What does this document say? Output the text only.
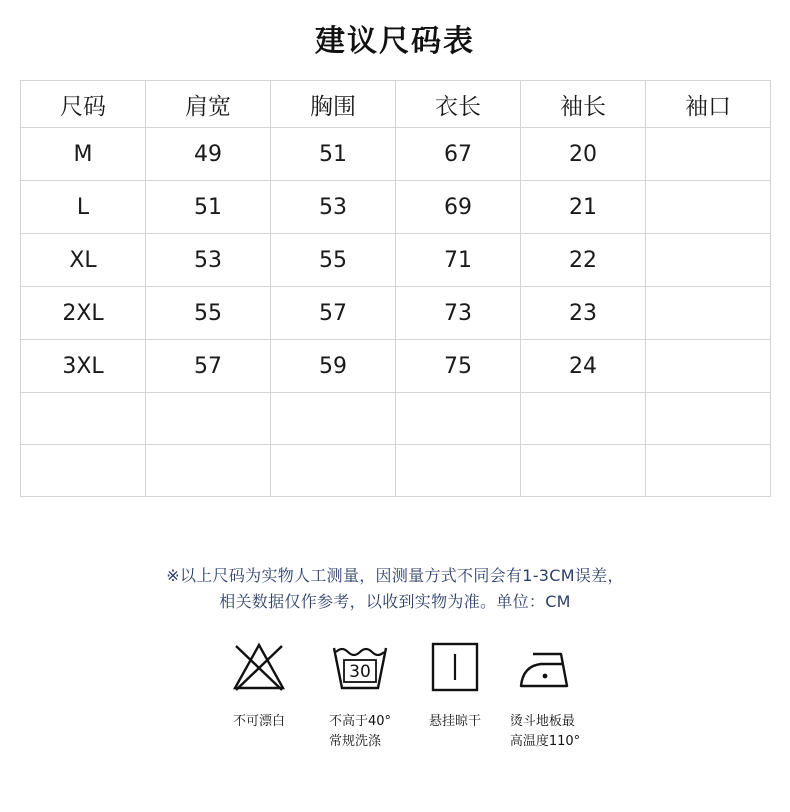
建议尺码表
尺码	肩宽	胸围	衣长	袖长	袖口
M	49	51	67	20	
L	51	53	69	21	
XL	53	55	71	22	
2XL	55	57	73	23	
3XL	57	59	75	24	

※以上尺码为实物人工测量，因测量方式不同会有1-3CM误差，
相关数据仅作参考，以收到实物为准。单位：CM
不可漂白
30
不高于40°
常规洗涤
悬挂晾干	烫斗地板最
高温度110°
